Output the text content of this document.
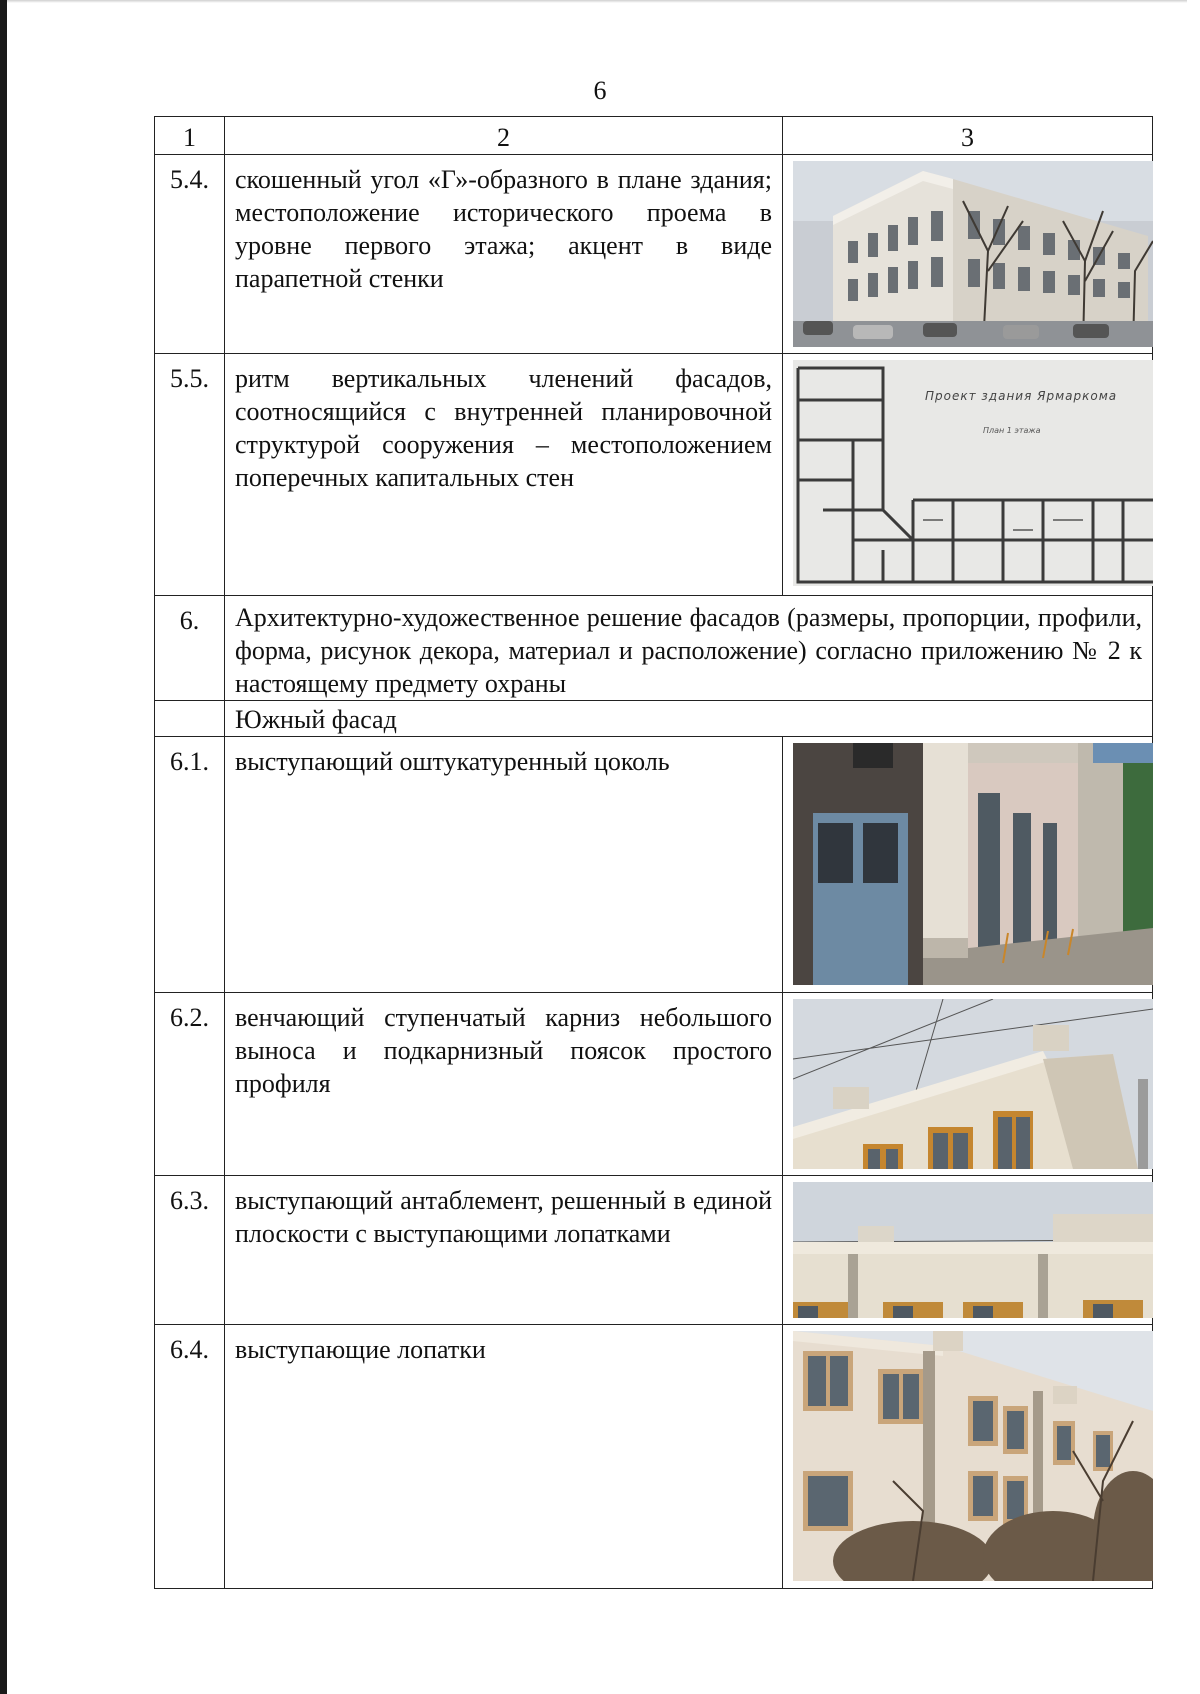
6
1	2	3
5.4.	скошенный угол «Г»-образного в плане здания; местоположение исторического проема в уровне первого этажа; акцент в виде парапетной стенки

5.5.	ритм вертикальных членений фасадов, соотносящийся с внутренней планировочной структурой сооружения – местоположением поперечных капитальных стен	Проект здания Ярмаркома
План 1 этажа

6.	Архитектурно-художественное решение фасадов (размеры, пропорции, профили, форма, рисунок декора, материал и расположение) согласно приложению № 2 к настоящему предмету охраны	
	Южный фасад	
6.1.	выступающий оштукатуренный цоколь

6.2.	венчающий ступенчатый карниз небольшого выноса и подкарнизный поясок простого профиля

6.3.	выступающий антаблемент, решенный в единой плоскости с выступающими лопатками

6.4.	выступающие лопатки
